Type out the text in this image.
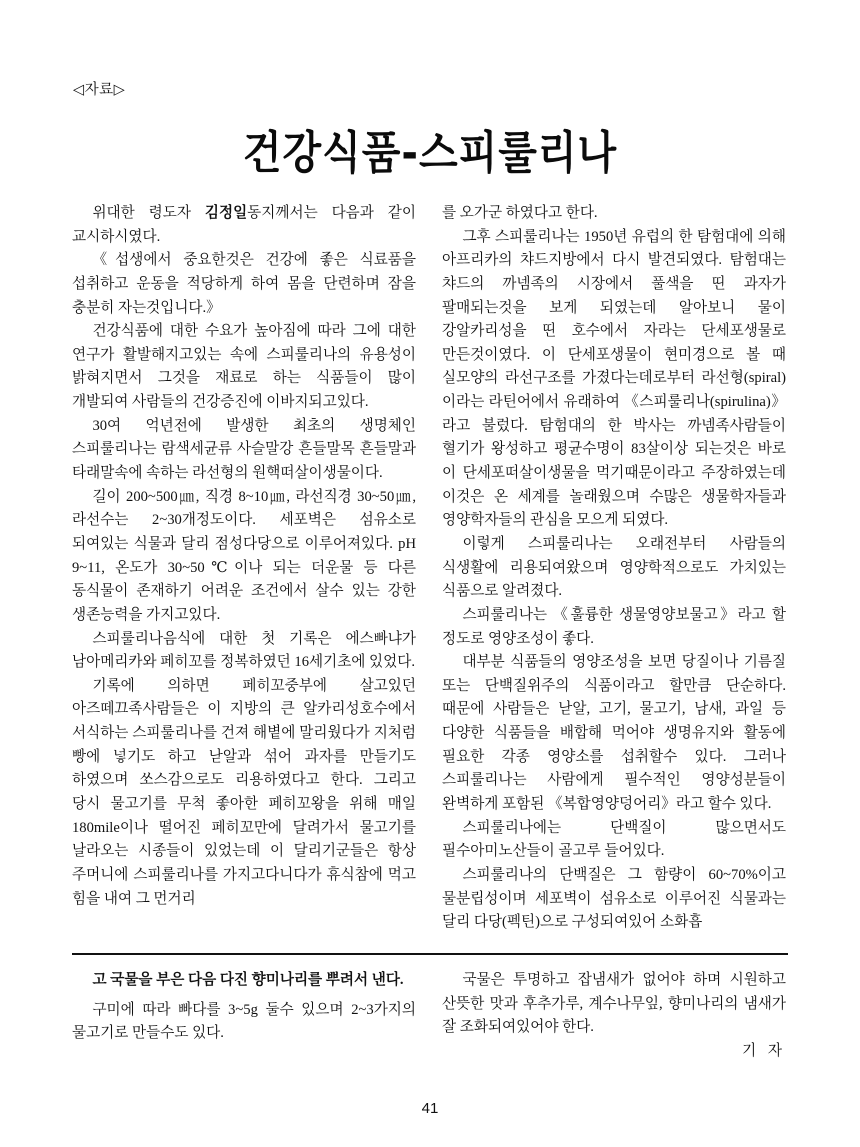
◁자료▷
건강식품-스피룰리나

위대한 령도자 김정일동지께서는 다음과 같이 교시하시였다.

《섭생에서 중요한것은 건강에 좋은 식료품을 섭취하고 운동을 적당하게 하여 몸을 단련하며 잠을 충분히 자는것입니다.》

건강식품에 대한 수요가 높아짐에 따라 그에 대한 연구가 활발해지고있는 속에 스피룰리나의 유용성이 밝혀지면서 그것을 재료로 하는 식품들이 많이 개발되여 사람들의 건강증진에 이바지되고있다.

30여 억년전에 발생한 최초의 생명체인 스피룰리나는 람색세균류 사슬말강 흔들말목 흔들말과 타래말속에 속하는 라선형의 원핵떠살이생물이다.

길이 200~500㎛, 직경 8~10㎛, 라선직경 30~50㎛, 라선수는 2~30개정도이다. 세포벽은 섬유소로 되여있는 식물과 달리 점성다당으로 이루어져있다. pH 9~11, 온도가 30~50℃이나 되는 더운물 등 다른 동식물이 존재하기 어려운 조건에서 살수 있는 강한 생존능력을 가지고있다.

스피룰리나음식에 대한 첫 기록은 에스빠냐가 남아메리카와 페히꼬를 정복하였던 16세기초에 있었다.

기록에 의하면 페히꼬중부에 살고있던 아즈떼끄족사람들은 이 지방의 큰 알카리성호수에서 서식하는 스피룰리나를 건져 해볕에 말리웠다가 지처럼 빵에 넣기도 하고 낟알과 섞어 과자를 만들기도 하였으며 쏘스감으로도 리용하였다고 한다. 그리고 당시 물고기를 무척 좋아한 페히꼬왕을 위해 매일 180mile이나 떨어진 페히꼬만에 달려가서 물고기를 날라오는 시종들이 있었는데 이 달리기군들은 항상 주머니에 스피룰리나를 가지고다니다가 휴식참에 먹고 힘을 내여 그 먼거리

를 오가군 하였다고 한다.

그후 스피룰리나는 1950년 유럽의 한 탐험대에 의해 아프리카의 챠드지방에서 다시 발견되였다. 탐험대는 챠드의 까넴족의 시장에서 풀색을 띤 과자가 팔매되는것을 보게 되였는데 알아보니 물이 강알카리성을 띤 호수에서 자라는 단세포생물로 만든것이였다. 이 단세포생물이 현미경으로 볼 때 실모양의 라선구조를 가졌다는데로부터 라선형(spiral)이라는 라틴어에서 유래하여 《스피룰리나(spirulina)》라고 불렀다. 탐험대의 한 박사는 까넴족사람들이 혈기가 왕성하고 평균수명이 83살이상 되는것은 바로 이 단세포떠살이생물을 먹기때문이라고 주장하였는데 이것은 온 세계를 놀래웠으며 수많은 생물학자들과 영양학자들의 관심을 모으게 되였다.

이렇게 스피룰리나는 오래전부터 사람들의 식생활에 리용되여왔으며 영양학적으로도 가치있는 식품으로 알려졌다.

스피룰리나는 《훌륭한 생물영양보물고》라고 할 정도로 영양조성이 좋다.

대부분 식품들의 영양조성을 보면 당질이나 기름질 또는 단백질위주의 식품이라고 할만큼 단순하다. 때문에 사람들은 낟알, 고기, 물고기, 남새, 과일 등 다양한 식품들을 배합해 먹어야 생명유지와 활동에 필요한 각종 영양소를 섭취할수 있다. 그러나 스피룰리나는 사람에게 필수적인 영양성분들이 완벽하게 포함된 《복합영양덩어리》라고 할수 있다.

스피룰리나에는 단백질이 많으면서도 필수아미노산들이 골고루 들어있다.

스피룰리나의 단백질은 그 함량이 60~70%이고 물분립성이며 세포벽이 섬유소로 이루어진 식물과는 달리 다당(펙틴)으로 구성되여있어 소화흡

고 국물을 부은 다음 다진 향미나리를 뿌려서 낸다.

구미에 따라 빠다를 3~5g 둘수 있으며 2~3가지의 물고기로 만들수도 있다.

국물은 투명하고 잡냄새가 없어야 하며 시원하고 산뜻한 맛과 후추가루, 계수나무잎, 향미나리의 냄새가 잘 조화되여있어야 한다.

기 자

41
